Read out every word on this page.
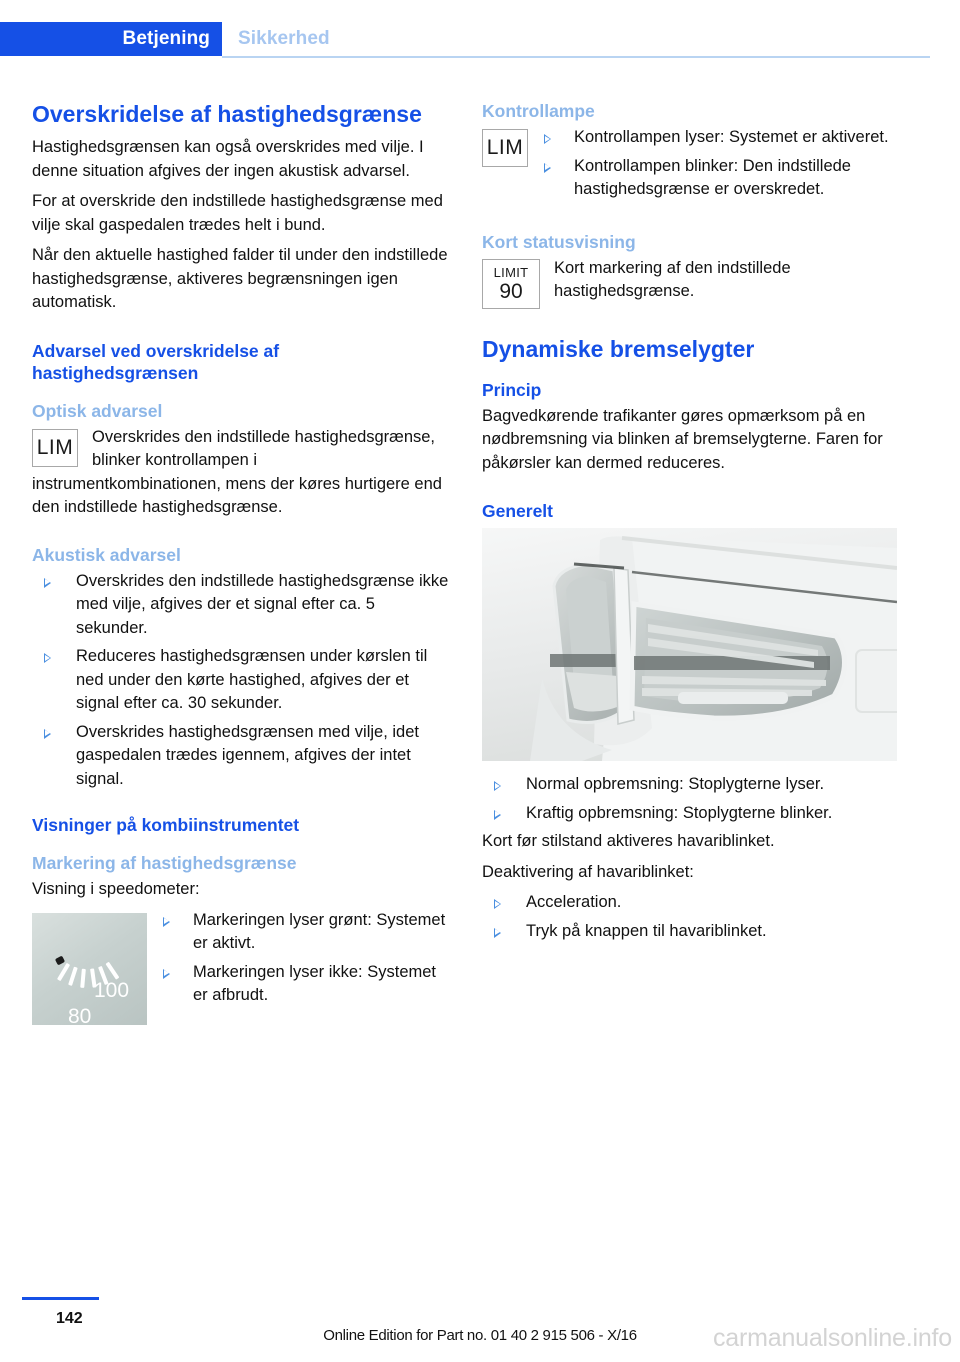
Betjening Sikkerhed
Overskridelse af hastighedsgrænse

Hastighedsgrænsen kan også overskrides med vilje. I denne situation afgives der ingen akustisk advarsel.

For at overskride den indstillede hastighedsgrænse med vilje skal gaspedalen trædes helt i bund.

Når den aktuelle hastighed falder til under den indstillede hastighedsgrænse, aktiveres begrænsningen igen automatisk.

Advarsel ved overskridelse af hastighedsgrænsen
Optisk advarsel
LIM	Overskrides den indstillede hastighedsgrænse, blinker kontrollampen i instrumentkombinationen, mens der køres hurtigere end den indstillede hastighedsgrænse.
Akustisk advarsel
Overskrides den indstillede hastighedsgrænse ikke med vilje, afgives der et signal efter ca. 5 sekunder.
Reduceres hastighedsgrænsen under kørslen til ned under den kørte hastighed, afgives der et signal efter ca. 30 sekunder.
Overskrides hastighedsgrænsen med vilje, idet gaspedalen trædes igennem, afgives der intet signal.
Visninger på kombiinstrumentet
Markering af hastighedsgrænse

Visning i speedometer:

100
80
Markeringen lyser grønt: Systemet er aktivt.
Markeringen lyser ikke: Systemet er afbrudt.
Kontrollampe
LIM	Kontrollampen lyser: Systemet er aktiveret.
Kontrollampen blinker: Den indstillede hastighedsgrænse er overskredet.
Kort statusvisning
LIMIT
90
Kort markering af den indstillede hastighedsgrænse.
Dynamiske bremselygter
Princip

Bagvedkørende trafikanter gøres opmærksom på en nødbremsning via blinken af bremselygterne. Faren for påkørsler kan dermed reduceres.

Generelt
Normal opbremsning: Stoplygterne lyser.
Kraftig opbremsning: Stoplygterne blinker.

Kort før stilstand aktiveres havariblinket.

Deaktivering af havariblinket:

Acceleration.
Tryk på knappen til havariblinket.
142
Online Edition for Part no. 01 40 2 915 506 - X/16	carmanualsonline.info
